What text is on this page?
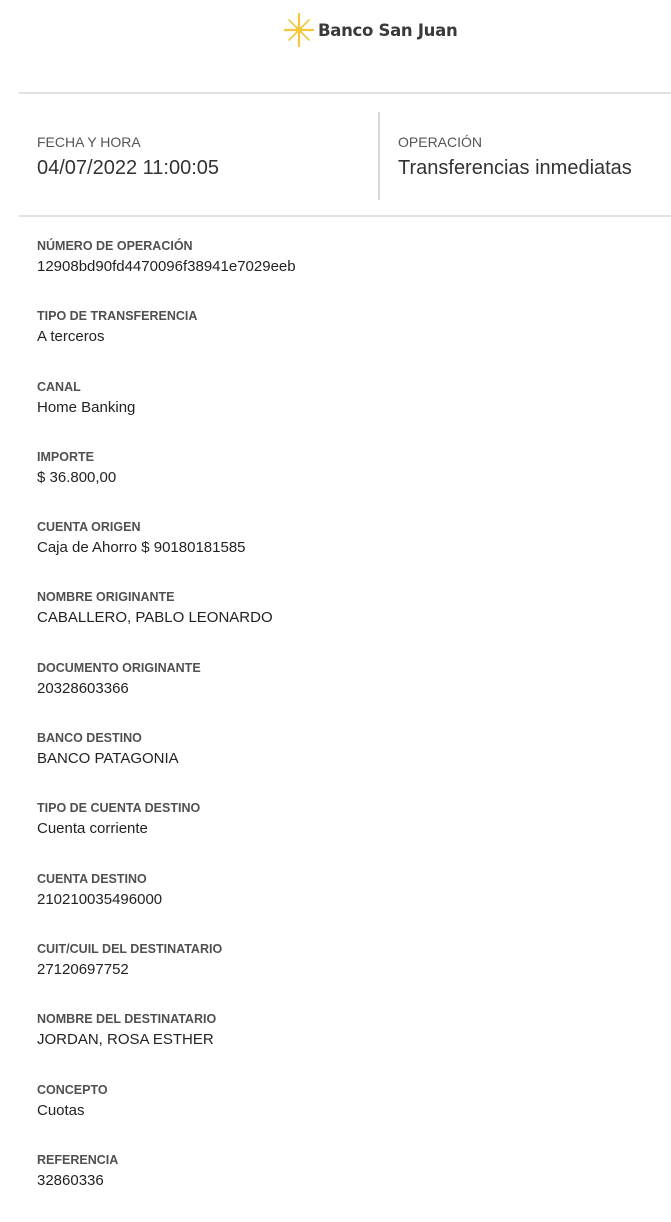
Banco San Juan
FECHA Y HORA
04/07/2022 11:00:05
OPERACIÓN
Transferencias inmediatas
NÚMERO DE OPERACIÓN
12908bd90fd4470096f38941e7029eeb
TIPO DE TRANSFERENCIA
A terceros
CANAL
Home Banking
IMPORTE
$ 36.800,00
CUENTA ORIGEN
Caja de Ahorro $ 90180181585
NOMBRE ORIGINANTE
CABALLERO, PABLO LEONARDO
DOCUMENTO ORIGINANTE
20328603366
BANCO DESTINO
BANCO PATAGONIA
TIPO DE CUENTA DESTINO
Cuenta corriente
CUENTA DESTINO
210210035496000
CUIT/CUIL DEL DESTINATARIO
27120697752
NOMBRE DEL DESTINATARIO
JORDAN, ROSA ESTHER
CONCEPTO
Cuotas
REFERENCIA
32860336
